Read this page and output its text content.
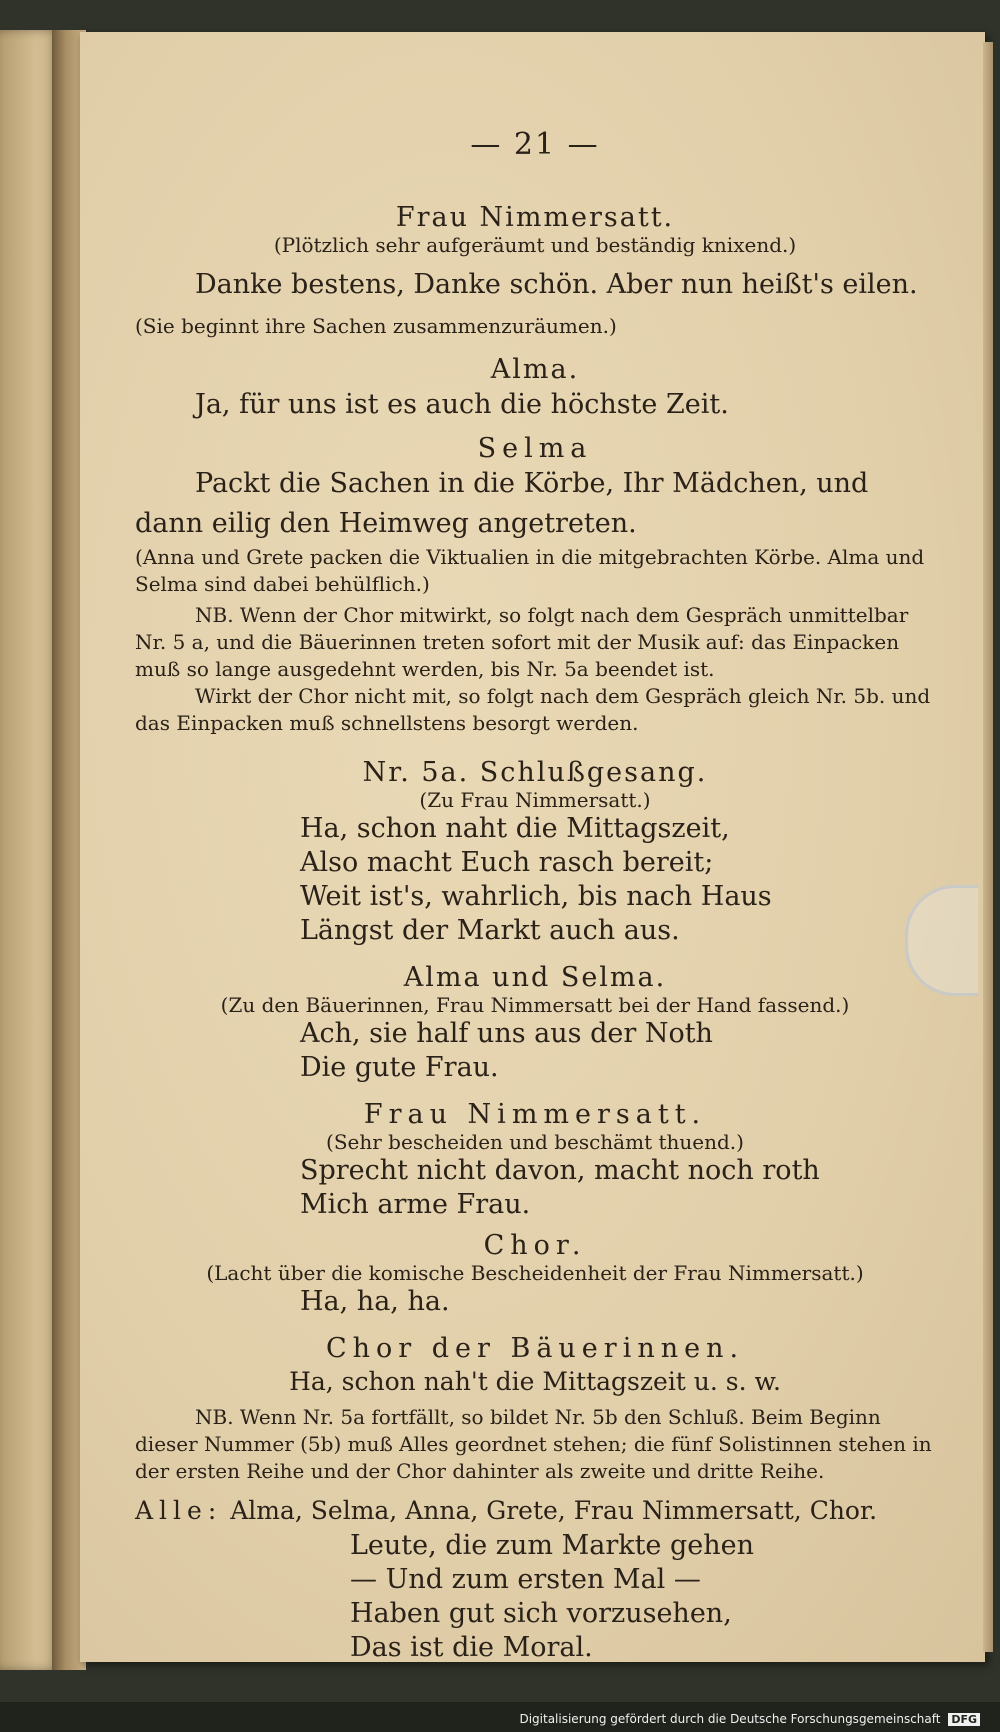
— 21 —
Frau Nimmersatt.
(Plötzlich sehr aufgeräumt und beständig knixend.)
Danke bestens, Danke schön. Aber nun heißt's eilen. (Sie beginnt ihre Sachen zusammenzuräumen.)
Alma.
Ja, für uns ist es auch die höchste Zeit.
Selma
Packt die Sachen in die Körbe, Ihr Mädchen, und dann eilig den Heimweg angetreten.
(Anna und Grete packen die Viktualien in die mitgebrachten Körbe. Alma und Selma sind dabei behülflich.)
NB. Wenn der Chor mitwirkt, so folgt nach dem Gespräch unmittelbar Nr. 5 a, und die Bäuerinnen treten sofort mit der Musik auf: das Einpacken muß so lange ausgedehnt werden, bis Nr. 5a beendet ist.
Wirkt der Chor nicht mit, so folgt nach dem Gespräch gleich Nr. 5b. und das Einpacken muß schnellstens besorgt werden.
Nr. 5a. Schlußgesang.
(Zu Frau Nimmersatt.)
Ha, schon naht die Mittagszeit,
Also macht Euch rasch bereit;
Weit ist's, wahrlich, bis nach Haus
Längst der Markt auch aus.
Alma und Selma.
(Zu den Bäuerinnen, Frau Nimmersatt bei der Hand fassend.)
Ach, sie half uns aus der Noth
Die gute Frau.
Frau Nimmersatt.
(Sehr bescheiden und beschämt thuend.)
Sprecht nicht davon, macht noch roth
Mich arme Frau.
Chor.
(Lacht über die komische Bescheidenheit der Frau Nimmersatt.)
Ha, ha, ha.
Chor der Bäuerinnen.
Ha, schon nah't die Mittagszeit u. s. w.
NB. Wenn Nr. 5a fortfällt, so bildet Nr. 5b den Schluß. Beim Beginn dieser Nummer (5b) muß Alles geordnet stehen; die fünf Solistinnen stehen in der ersten Reihe und der Chor dahinter als zweite und dritte Reihe.
Alle: Alma, Selma, Anna, Grete, Frau Nimmersatt, Chor.
Leute, die zum Markte gehen
— Und zum ersten Mal —
Haben gut sich vorzusehen,
Das ist die Moral.
Digitalisierung gefördert durch die Deutsche Forschungsgemeinschaft DFG
